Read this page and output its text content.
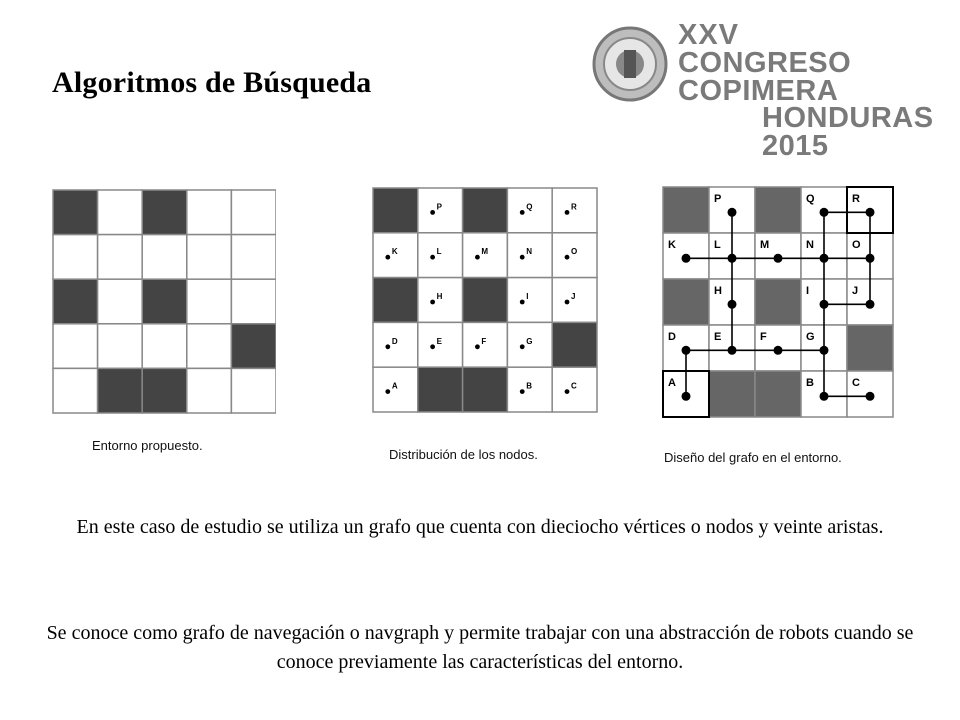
Algoritmos de Búsqueda
XXV
CONGRESO COPIMERA
HONDURAS 2015
Entorno propuesto.
P	Q	R
K	L	M	N	O
H	I	J
D	E	F	G
A	B	C
Distribución de los nodos.
P	Q	R
K	L	M	N	O
H	I	J
D	E	F	G
A	B	C
Diseño del grafo en el entorno.
En este caso de estudio se utiliza un grafo que cuenta con dieciocho vértices o nodos y veinte aristas.
Se conoce como grafo de navegación o navgraph y permite trabajar con una abstracción de robots cuando se conoce previamente las características del entorno.
